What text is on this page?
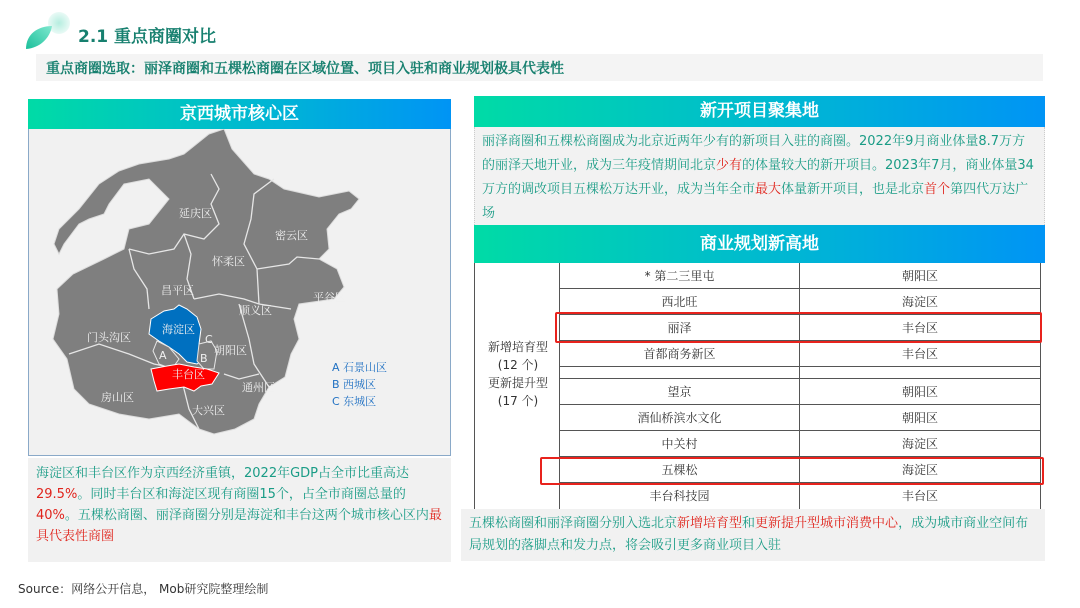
2.1 重点商圈对比
重点商圈选取：丽泽商圈和五棵松商圈在区域位置、项目入驻和商业规划极具代表性
京西城市核心区
延庆区
密云区
怀柔区
昌平区
平谷区
顺义区
门头沟区
海淀区
朝阳区
丰台区
通州区
房山区
大兴区
A	B
C
A 石景山区
B 西城区
C 东城区
海淀区和丰台区作为京西经济重镇，2022年GDP占全市比重高达29.5%。同时丰台区和海淀区现有商圈15个，占全市商圈总量的40%。五棵松商圈、丽泽商圈分别是海淀和丰台这两个城市核心区内最具代表性商圈
新开项目聚集地
丽泽商圈和五棵松商圈成为北京近两年少有的新项目入驻的商圈。2022年9月商业体量8.7万方的丽泽天地开业，成为三年疫情期间北京少有的体量较大的新开项目。2023年7月，商业体量34万方的调改项目五棵松万达开业，成为当年全市最大体量新开项目，也是北京首个第四代万达广场
商业规划新高地
新增培育型
(12 个)
更新提升型
(17 个)
* 第二三里屯	朝阳区
西北旺	海淀区
丽泽	丰台区
首都商务新区	丰台区
望京	朝阳区
酒仙桥滨水文化	朝阳区
中关村	海淀区
五棵松	海淀区
丰台科技园	丰台区
五棵松商圈和丽泽商圈分别入选北京新增培育型和更新提升型城市消费中心，成为城市商业空间布局规划的落脚点和发力点，将会吸引更多商业项目入驻
Source：网络公开信息， Mob研究院整理绘制
